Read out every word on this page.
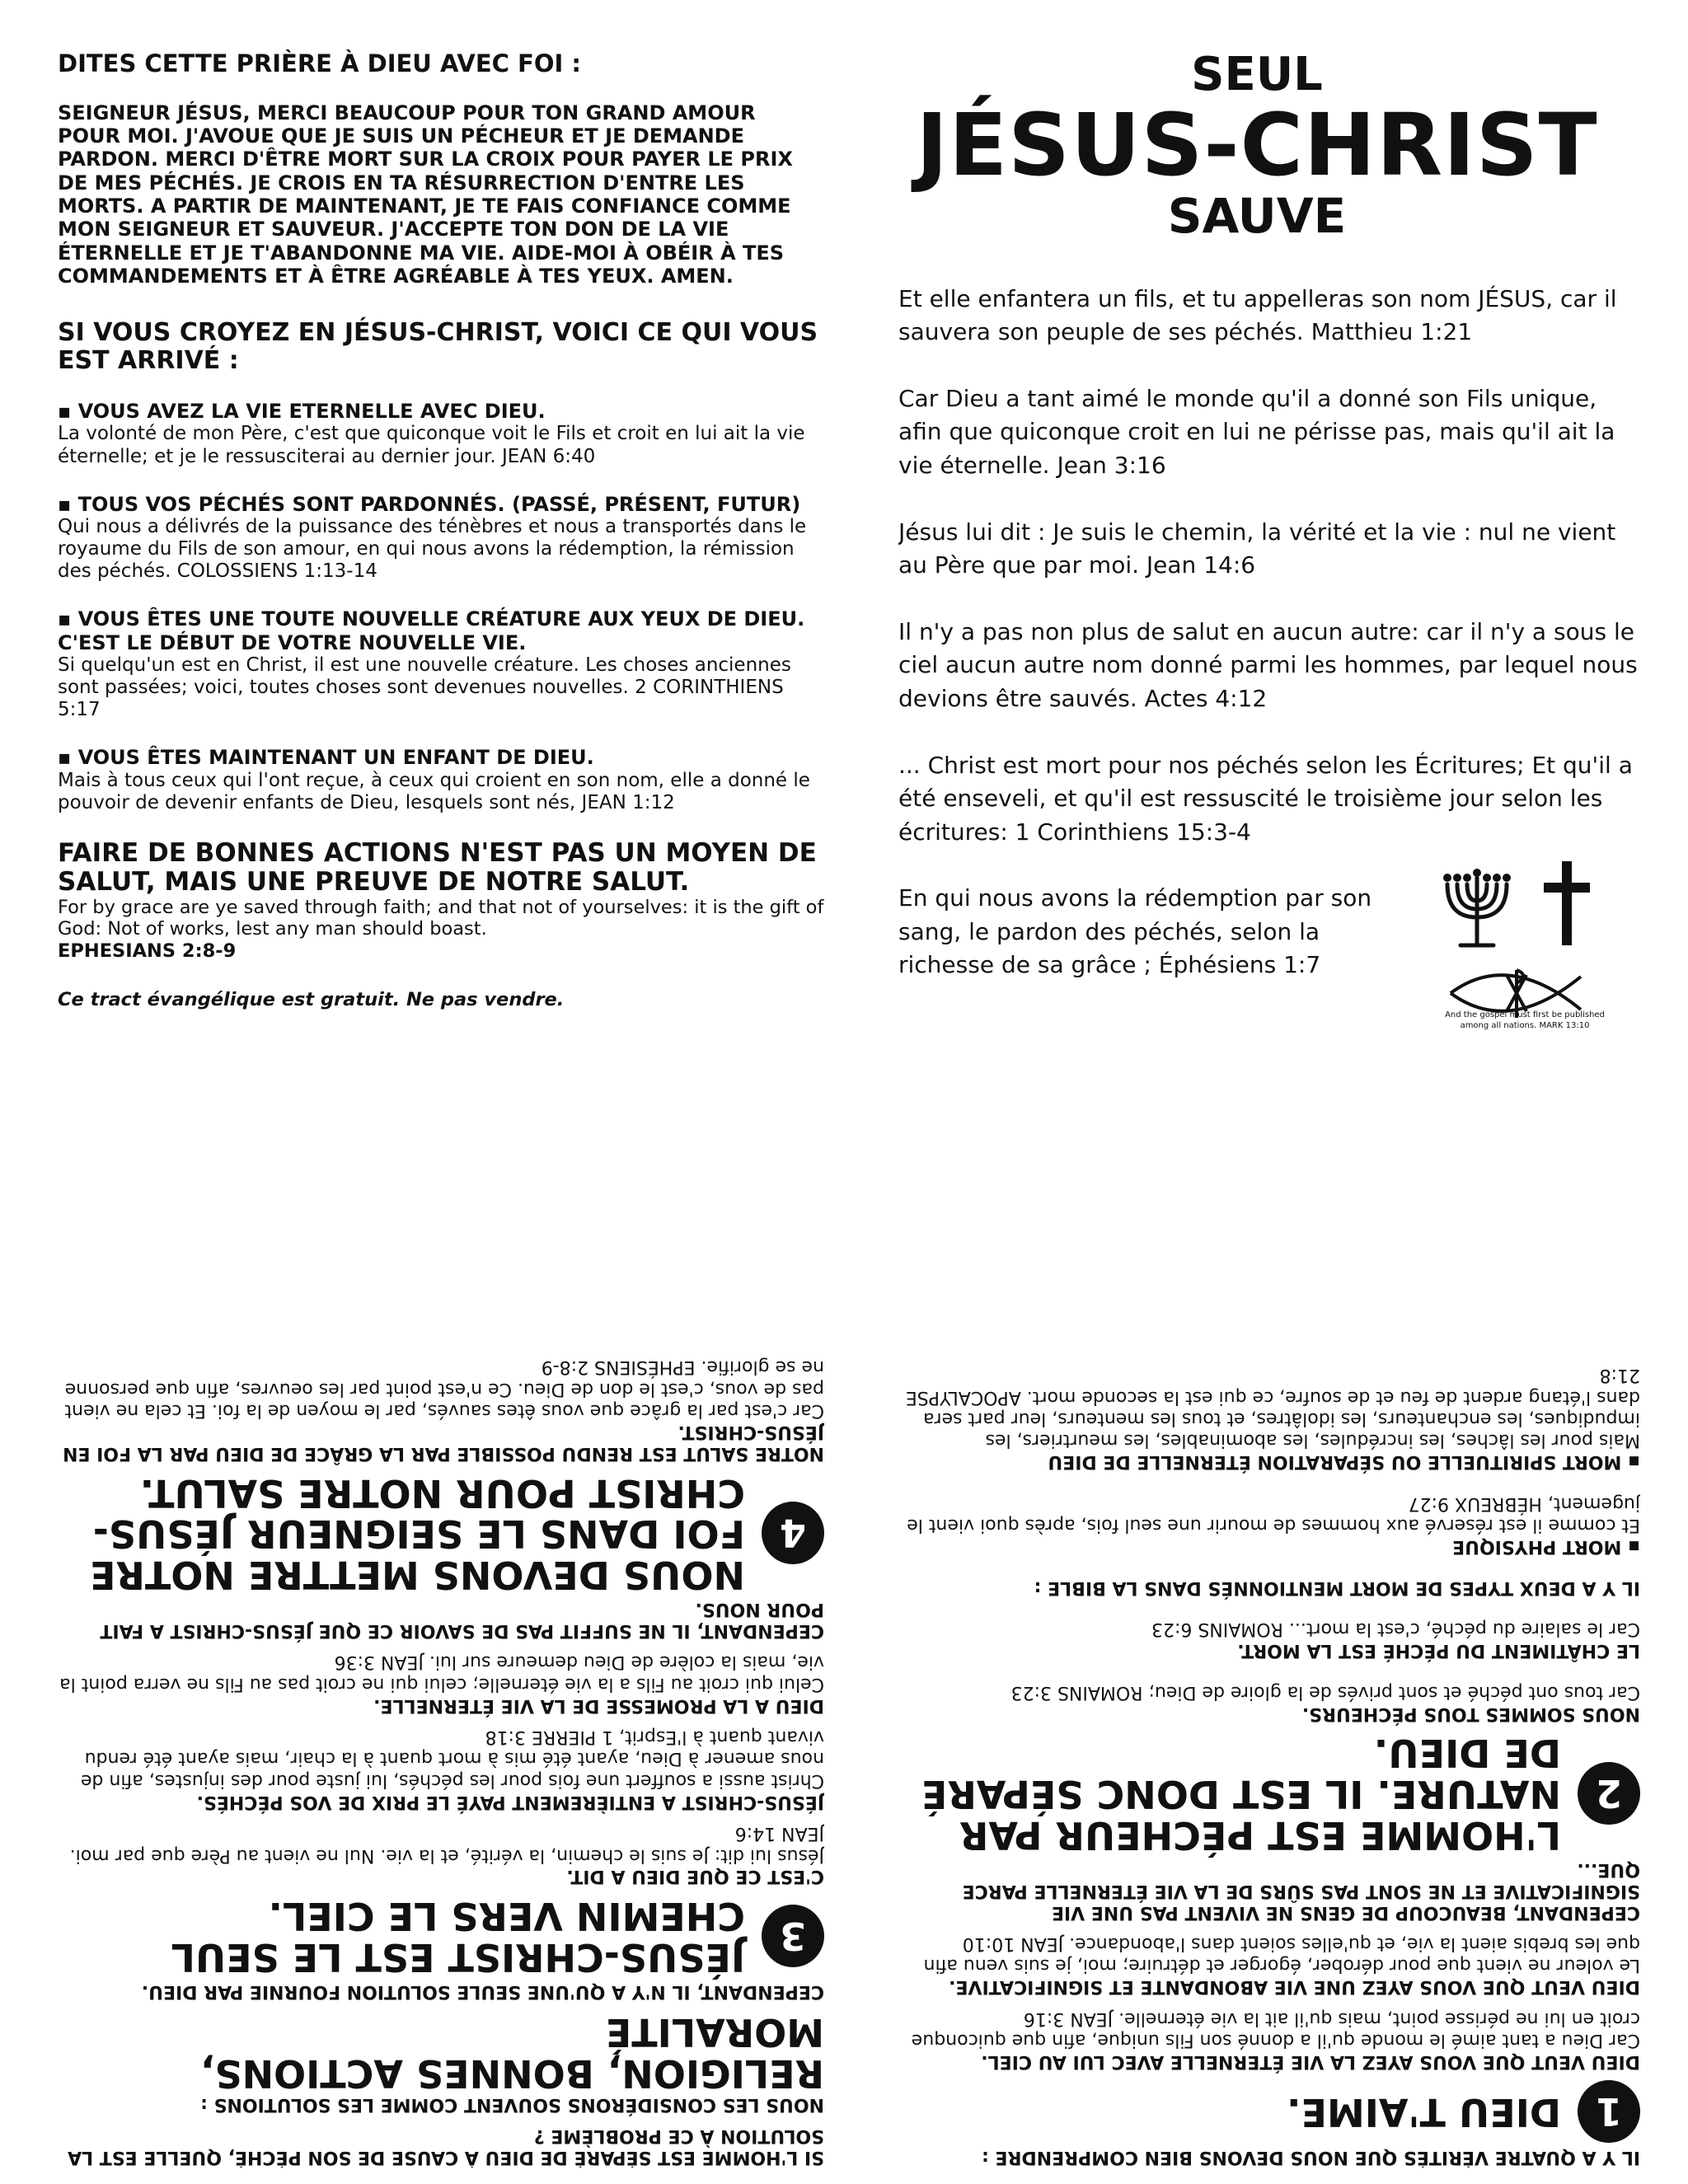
DITES CETTE PRIÈRE À DIEU AVEC FOI :

SEIGNEUR JÉSUS, MERCI BEAUCOUP POUR TON GRAND AMOUR POUR MOI. J'AVOUE QUE JE SUIS UN PÉCHEUR ET JE DEMANDE PARDON. MERCI D'ÊTRE MORT SUR LA CROIX POUR PAYER LE PRIX DE MES PÉCHÉS. JE CROIS EN TA RÉSURRECTION D'ENTRE LES MORTS. A PARTIR DE MAINTENANT, JE TE FAIS CONFIANCE COMME MON SEIGNEUR ET SAUVEUR. J'ACCEPTE TON DON DE LA VIE ÉTERNELLE ET JE T'ABANDONNE MA VIE. AIDE-MOI À OBÉIR À TES COMMANDEMENTS ET À ÊTRE AGRÉABLE À TES YEUX. AMEN.

SI VOUS CROYEZ EN JÉSUS-CHRIST, VOICI CE QUI VOUS EST ARRIVÉ :

▪ VOUS AVEZ LA VIE ETERNELLE AVEC DIEU.

La volonté de mon Père, c'est que quiconque voit le Fils et croit en lui ait la vie éternelle; et je le ressusciterai au dernier jour. JEAN 6:40

▪ TOUS VOS PÉCHÉS SONT PARDONNÉS. (PASSÉ, PRÉSENT, FUTUR)

Qui nous a délivrés de la puissance des ténèbres et nous a transportés dans le royaume du Fils de son amour, en qui nous avons la rédemption, la rémission des péchés. COLOSSIENS 1:13-14

▪ VOUS ÊTES UNE TOUTE NOUVELLE CRÉATURE AUX YEUX DE DIEU. C'EST LE DÉBUT DE VOTRE NOUVELLE VIE.

Si quelqu'un est en Christ, il est une nouvelle créature. Les choses anciennes sont passées; voici, toutes choses sont devenues nouvelles. 2 CORINTHIENS 5:17

▪ VOUS ÊTES MAINTENANT UN ENFANT DE DIEU.

Mais à tous ceux qui l'ont reçue, à ceux qui croient en son nom, elle a donné le pouvoir de devenir enfants de Dieu, lesquels sont nés, JEAN 1:12

FAIRE DE BONNES ACTIONS N'EST PAS UN MOYEN DE SALUT, MAIS UNE PREUVE DE NOTRE SALUT.

For by grace are ye saved through faith; and that not of yourselves: it is the gift of God: Not of works, lest any man should boast.

EPHESIANS 2:8-9

Ce tract évangélique est gratuit. Ne pas vendre.

SEUL

JÉSUS-CHRIST

SAUVE

Et elle enfantera un fils, et tu appelleras son nom JÉSUS, car il sauvera son peuple de ses péchés. Matthieu 1:21

Car Dieu a tant aimé le monde qu'il a donné son Fils unique, afin que quiconque croit en lui ne périsse pas, mais qu'il ait la vie éternelle. Jean 3:16

Jésus lui dit : Je suis le chemin, la vérité et la vie : nul ne vient au Père que par moi. Jean 14:6

Il n'y a pas non plus de salut en aucun autre: car il n'y a sous le ciel aucun autre nom donné parmi les hommes, par lequel nous devions être sauvés. Actes 4:12

... Christ est mort pour nos péchés selon les Écritures; Et qu'il a été enseveli, et qu'il est ressuscité le troisième jour selon les écritures: 1 Corinthiens 15:3-4

En qui nous avons la rédemption par son sang, le pardon des péchés, selon la richesse de sa grâce ; Éphésiens 1:7

And the gospel must first be published among all nations. MARK 13:10

IL Y A QUATRE VÉRITÉS QUE NOUS DEVONS BIEN COMPRENDRE :

1

DIEU T'AIME.

DIEU VEUT QUE VOUS AYEZ LA VIE ÉTERNELLE AVEC LUI AU CIEL.

Car Dieu a tant aimé le monde qu'il a donné son Fils unique, afin que quiconque croit en lui ne périsse point, mais qu'il ait la vie éternelle. JEAN 3:16

DIEU VEUT QUE VOUS AYEZ UNE VIE ABONDANTE ET SIGNIFICATIVE.

Le voleur ne vient que pour dérober, égorger et détruire; moi, je suis venu afin que les brebis aient la vie, et qu'elles soient dans l'abondance. JEAN 10:10

CEPENDANT, BEAUCOUP DE GENS NE VIVENT PAS UNE VIE SIGNIFICATIVE ET NE SONT PAS SÛRS DE LA VIE ÉTERNELLE PARCE QUE...

2

L'HOMME EST PÉCHEUR PAR NATURE. IL EST DONC SÉPARÉ DE DIEU.

NOUS SOMMES TOUS PÉCHEURS.

Car tous ont péché et sont privés de la gloire de Dieu; ROMAINS 3:23

LE CHÂTIMENT DU PÉCHÉ EST LA MORT.

Car le salaire du péché, c'est la mort... ROMAINS 6:23

IL Y A DEUX TYPES DE MORT MENTIONNÉS DANS LA BIBLE :

▪ MORT PHYSIQUE

Et comme il est réservé aux hommes de mourir une seul fois, après quoi vient le jugement, HÉBREUX 9:27

▪ MORT SPIRITUELLE OU SÉPARATION ÉTERNELLE DE DIEU

Mais pour les lâches, les incrédules, les abominables, les meurtriers, les impudiques, les enchanteurs, les idolâtres, et tous les menteurs, leur part sera dans l'étang ardent de feu et de soufre, ce qui est la seconde mort. APOCALYPSE 21:8

SI L'HOMME EST SÉPARÉ DE DIEU À CAUSE DE SON PÉCHÉ, QUELLE EST LA SOLUTION À CE PROBLÈME ?

NOUS LES CONSIDÉRONS SOUVENT COMME LES SOLUTIONS :

RELIGION, BONNES ACTIONS, MORALITÉ

CEPENDANT, IL N'Y A QU'UNE SEULE SOLUTION FOURNIE PAR DIEU.

3

JÉSUS-CHRIST EST LE SEUL CHEMIN VERS LE CIEL.

C'EST CE QUE DIEU A DIT.

Jésus lui dit: Je suis le chemin, la vérité, et la vie. Nul ne vient au Père que par moi. JEAN 14:6

JÉSUS-CHRIST A ENTIÈREMENT PAYÉ LE PRIX DE VOS PÉCHÉS.

Christ aussi a souffert une fois pour les péchés, lui juste pour des injustes, afin de nous amener à Dieu, ayant été mis à mort quant à la chair, mais ayant été rendu vivant quant à l'Esprit, 1 PIERRE 3:18

DIEU A LA PROMESSE DE LA VIE ÉTERNELLE.

Celui qui croit au Fils a la vie éternelle; celui qui ne croit pas au Fils ne verra point la vie, mais la colère de Dieu demeure sur lui. JEAN 3:36

CEPENDANT, IL NE SUFFIT PAS DE SAVOIR CE QUE JÉSUS-CHRIST A FAIT POUR NOUS.

4

NOUS DEVONS METTRE NOTRE FOI DANS LE SEIGNEUR JÉSUS-CHRIST POUR NOTRE SALUT.

NOTRE SALUT EST RENDU POSSIBLE PAR LA GRÂCE DE DIEU PAR LA FOI EN JÉSUS-CHRIST.

Car c'est par la grâce que vous êtes sauvés, par le moyen de la foi. Et cela ne vient pas de vous, c'est le don de Dieu. Ce n'est point par les oeuvres, afin que personne ne se glorifie. EPHÉSIENS 2:8-9
